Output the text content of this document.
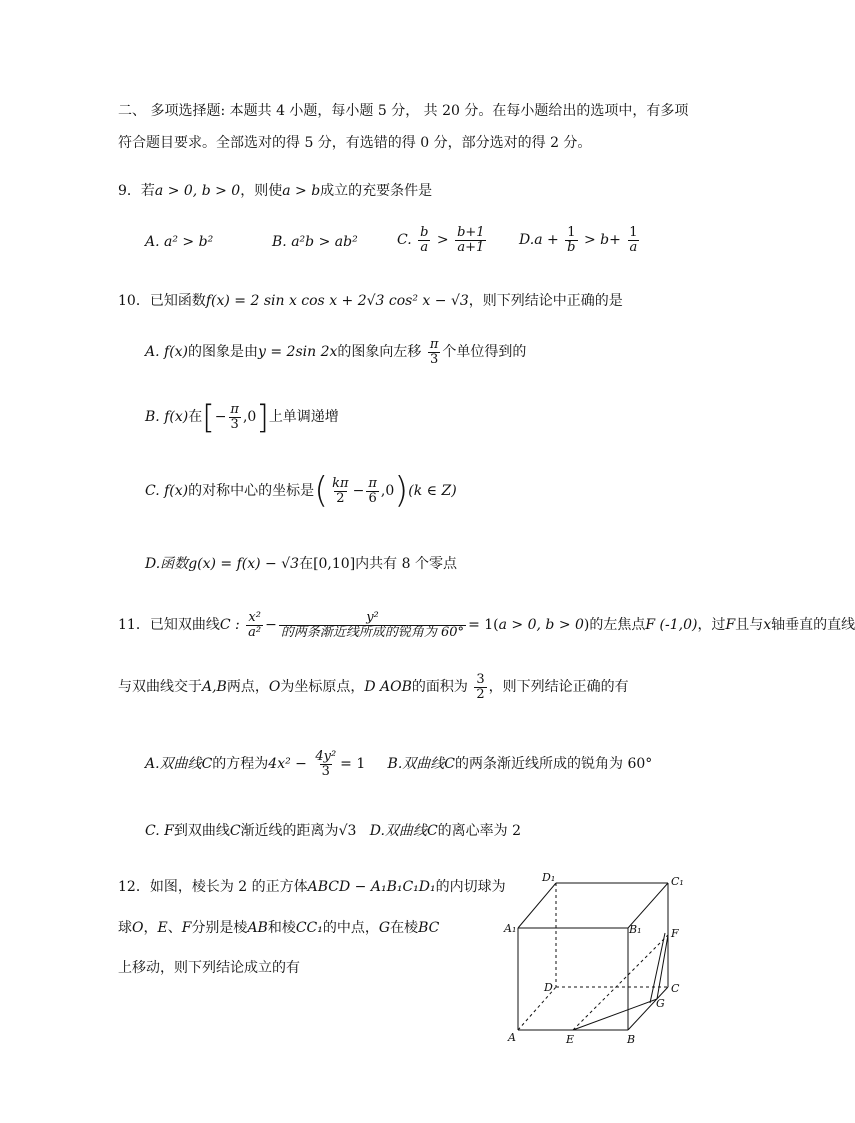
二、 多项选择题: 本题共 4 小题，每小题 5 分， 共 20 分。在每小题给出的选项中，有多项
符合题目要求。全部选对的得 5 分，有选错的得 0 分，部分选对的得 2 分。
9．若a > 0, b > 0，则使a > b成立的充要条件是
A. a² > b²	B. a²b > ab²	C. $\frac{b}{a} > \frac{b+1}{a+1} D.a + \frac{1}{b} > b+ \frac{1}{a}$
10．已知函数f(x) = 2 sin x cos x + 2√3 cos² x − √3，则下列结论中正确的是
A. f(x)的图象是由y = 2sin 2x的图象向左移 $\frac{\pi}{3}$ 个单位得到的
B. f(x)在[− $\frac{\pi}{3} ,0$]上单调递增
C. f(x)的对称中心的坐标是( $\frac{k\pi}{2} - \frac{\pi}{6} ,0)(k$ ∈ Z)
D.函数g(x) = f(x) − √3在[0,10]内共有 8 个零点
11．已知双曲线C : $\frac{\text{x²}}{\text{a²}} - \frac{\text{y²}}{\text{的两条渐近线所成的锐角为 60°}} = 1(a > 0$, b > 0)的左焦点F (-1,0)，过F且与x轴垂直的直线
与双曲线交于A,B两点，O为坐标原点，D AOB的面积为 $\frac{3}{2}$ ，则下列结论正确的有
A.双曲线C的方程为$4x^2 - \frac{\text{4y²}}{3} = 1$ B.双曲线C的两条渐近线所成的锐角为 60°
C. F到双曲线C渐近线的距离为√3 D.双曲线C的离心率为 2
12．如图，棱长为 2 的正方体ABCD − A₁B₁C₁D₁的内切球为
球O，E、F分别是棱AB和棱CC₁的中点，G在棱BC
上移动，则下列结论成立的有
D₁	C₁
A₁	B₁	F
D	C
G
A	E	B
